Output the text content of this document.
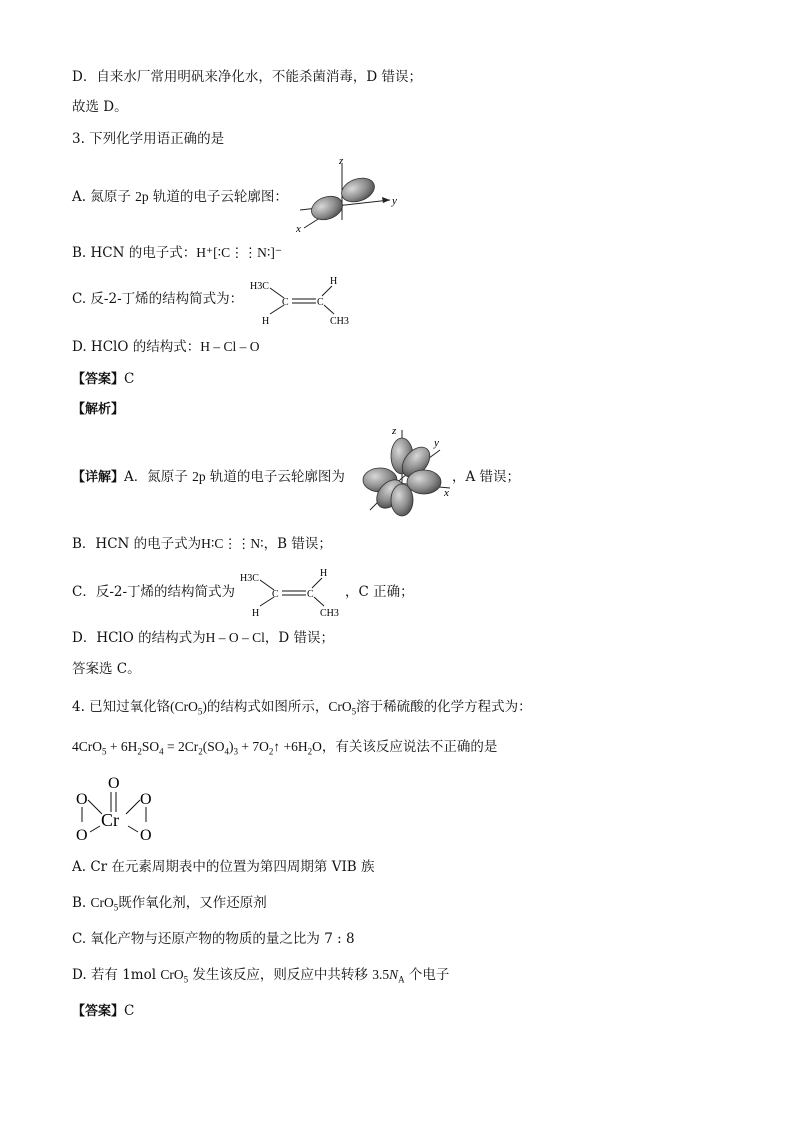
D．自来水厂常用明矾来净化水，不能杀菌消毒，D 错误；
故选 D。
3. 下列化学用语正确的是
A. 氮原子 2p 轨道的电子云轮廓图：
z
y
x
B. HCN 的电子式：H⁺[∶C⋮⋮N∶]⁻
C. 反-2-丁烯的结构简式为：
H3C
C	C
H
H
CH3
D. HClO 的结构式：H – Cl – O
【答案】C
【解析】
【详解】A．氮原子 2p 轨道的电子云轮廓图为
z
y
x
，A 错误；
B．HCN 的电子式为H∶C⋮⋮N∶，B 错误；
C．反-2-丁烯的结构简式为
H3C
C	C
H
H
CH3
，C 正确；
D．HClO 的结构式为H – O – Cl，D 错误；
答案选 C。
4. 已知过氧化铬(CrO$_5$)的结构式如图所示，CrO$_5$溶于稀硫酸的化学方程式为：
$4CrO_5 + 6H_2SO_4 = 2Cr_2(SO_4)_3$ + $7O_2↑ +6H_2O$，有关该反应说法不正确的是
O
O	O
Cr
O	O
A. Cr 在元素周期表中的位置为第四周期第 VIB 族
B. CrO$_5$既作氧化剂，又作还原剂
C. 氧化产物与还原产物的物质的量之比为 7 : 8
D. 若有 1mol CrO$_5$ 发生该反应，则反应中共转移 $3.5N_A$ 个电子
【答案】C
